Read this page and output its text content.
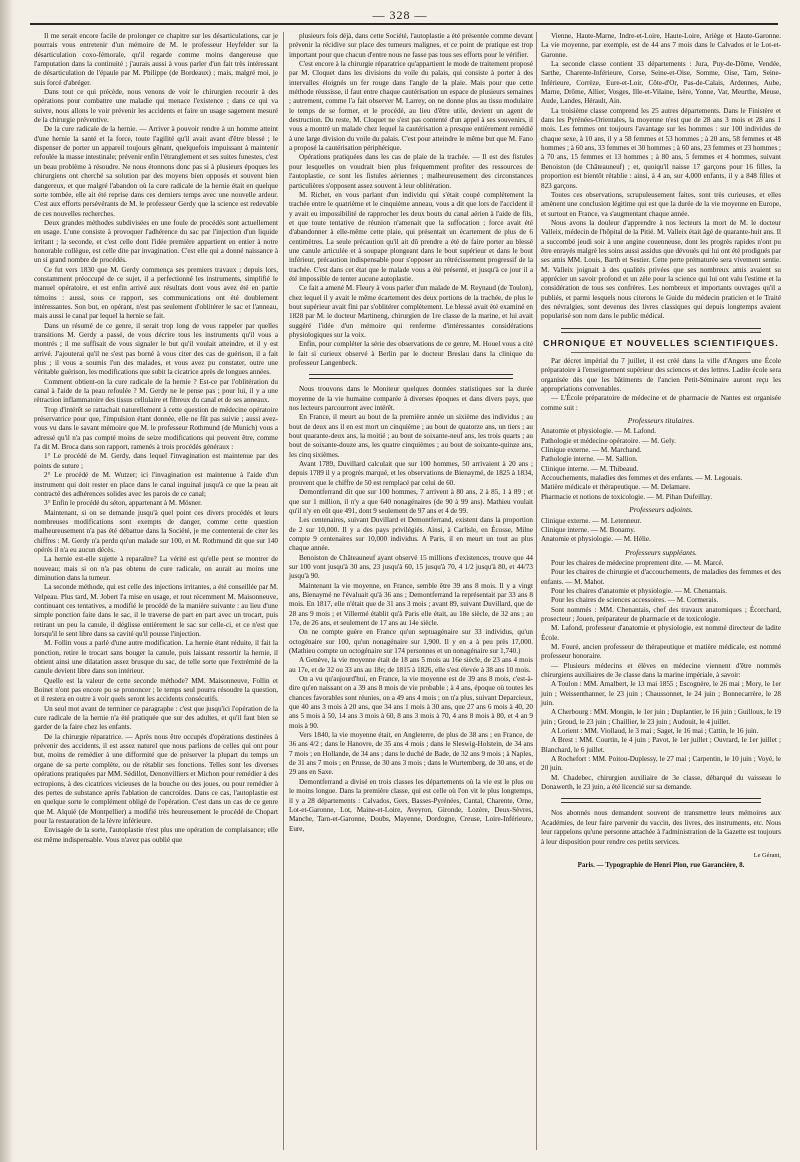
— 328 —

Il me serait encore facile de prolonger ce chapitre sur les désarticulations, car je pourrais vous entretenir d'un mémoire de M. le professeur Heyfelder sur la désarticulation coxo-fémorale, qu'il regarde comme moins dangereuse que l'amputation dans la continuité ; j'aurais aussi à vous parler d'un fait très intéressant de désarticulation de l'épaule par M. Philippe (de Bordeaux) ; mais, malgré moi, je suis forcé d'abréger.

Dans tout ce qui précède, nous venons de voir le chirurgien recourir à des opérations pour combattre une maladie qui menace l'existence ; dans ce qui va suivre, nous allons le voir prévenir les accidents et faire un usage sagement mesuré de la chirurgie préventive.

De la cure radicale de la hernie. — Arriver à pouvoir rendre à un homme atteint d'une hernie la santé et la force, toute l'agilité qu'il avait avant d'être blessé ; le dispenser de porter un appareil toujours gênant, quelquefois impuissant à maintenir refoulée la masse intestinale; prévenir enfin l'étranglement et ses suites funestes, c'est un beau problème à résoudre. Ne nous étonnons donc pas si à plusieurs époques les chirurgiens ont cherché sa solution par des moyens bien opposés et souvent bien dangereux, et que malgré l'abandon où la cure radicale de la hernie était en quelque sorte tombée, elle ait été reprise dans ces derniers temps avec une nouvelle ardeur. C'est aux efforts persévérants de M. le professeur Gerdy que la science est redevable de ces nouvelles recherches.

Deux grandes méthodes subdivisées en une foule de procédés sont actuellement en usage. L'une consiste à provoquer l'adhérence du sac par l'injection d'un liquide irritant ; la seconde, et c'est celle dont l'idée première appartient en entier à notre honorable collègue, est celle dite par invagination. C'est elle qui a donné naissance à un si grand nombre de procédés.

Ce fut vers 1830 que M. Gerdy commença ses premiers travaux ; depuis lors, constamment préoccupé de ce sujet, il a perfectionné les instruments, simplifié le manuel opératoire, et est enfin arrivé aux résultats dont vous avez été en partie témoins : aussi, sous ce rapport, ses communications ont été doublement intéressantes. Son but, en opérant, n'est pas seulement d'oblitérer le sac et l'anneau, mais aussi le canal par lequel la hernie se fait.

Dans un résumé de ce genre, il serait trop long de vous rappeler par quelles transitions M. Gerdy a passé, de vous décrire tous les instruments qu'il vous a montrés ; il me suffisait de vous signaler le but qu'il voulait atteindre, et il y est arrivé. J'ajouterai qu'il ne s'est pas borné à vous citer des cas de guérison, il a fait plus ; il vous a soumis l'un des malades, et vous avez pu constater, outre une véritable guérison, les modifications que subit la cicatrice après de longues années.

Comment obtient-on la cure radicale de la hernie ? Est-ce par l'oblitération du canal à l'aide de la peau refoulée ? M. Gerdy ne le pense pas ; pour lui, il y a une rétraction inflammatoire des tissus cellulaire et fibreux du canal et de ses anneaux.

Trop d'intérêt se rattachait naturellement à cette question de médecine opératoire préservatrice pour que, l'impulsion étant donnée, elle ne fût pas suivie ; aussi avez-vous vu dans le savant mémoire que M. le professeur Rothmund (de Munich) vous a adressé qu'il n'a pas compté moins de seize modifications qui peuvent être, comme l'a dit M. Broca dans son rapport, ramenés à trois procédés généraux :

1° Le procédé de M. Gerdy, dans lequel l'invagination est maintenue par des points de suture ;

2° Le procédé de M. Wutzer; ici l'invagination est maintenue à l'aide d'un instrument qui doit rester en place dans le canal inguinal jusqu'à ce que la peau ait contracté des adhérences solides avec les parois de ce canal;

3° Enfin le procédé du séton, appartenant à M. Mösner.

Maintenant, si on se demande jusqu'à quel point ces divers procédés et leurs nombreuses modifications sont exempts de danger, comme cette question malheureusement n'a pas été débattue dans la Société, je me contenterai de citer les chiffres : M. Gerdy n'a perdu qu'un malade sur 100, et M. Rothmund dit que sur 140 opérés il n'a eu aucun décès.

La hernie est-elle sujette à reparaître? La vérité est qu'elle peut se montrer de nouveau; mais si on n'a pas obtenu de cure radicale, on aurait au moins une diminution dans la tumeur.

La seconde méthode, qui est celle des injections irritantes, a été conseillée par M. Velpeau. Plus tard, M. Jobert l'a mise en usage, et tout récemment M. Maisonneuve, continuant ces tentatives, a modifié le procédé de la manière suivante : au lieu d'une simple ponction faite dans le sac, il le traverse de part en part avec un trocart, puis retirant un peu la canule, il déglisse entièrement le sac sur celle-ci, et ce n'est que lorsqu'il le sent libre dans sa cavité qu'il pousse l'injection.

M. Follin vous a parlé d'une autre modification. La hernie étant réduite, il fait la ponction, retire le trocart sans bouger la canule, puis laissant ressortir la hernie, il obtient ainsi une dilatation assez brusque du sac, de telle sorte que l'extrémité de la canule devient libre dans son intérieur.

Quelle est la valeur de cette seconde méthode? MM. Maisonneuve, Follin et Boinet n'ont pas encore pu se prononcer ; le temps seul pourra résoudre la question, et il restera en outre à voir quels seront les accidents consécutifs.

Un seul mot avant de terminer ce paragraphe : c'est que jusqu'ici l'opération de la cure radicale de la hernie n'a été pratiquée que sur des adultes, et qu'il faut bien se garder de la faire chez les enfants.

De la chirurgie réparatrice. — Après nous être occupés d'opérations destinées à prévenir des accidents, il est assez naturel que nous parlions de celles qui ont pour but, moins de remédier à une difformité que de préserver la plupart du temps un organe de sa perte complète, ou de rétablir ses fonctions. Telles sont les diverses opérations pratiquées par MM. Sédillot, Denonvilliers et Michon pour remédier à des ectropions, à des cicatrices vicieuses de la bouche ou des joues, ou pour remédier à des pertes de substance après l'ablation de cancroïdes. Dans ce cas, l'autoplastie est en quelque sorte le complément obligé de l'opération. C'est dans un cas de ce genre que M. Alquié (de Montpellier) a modifié très heureusement le procédé de Chopart pour la restauration de la lèvre inférieure.

Envisagée de la sorte, l'autoplastie n'est plus une opération de complaisance; elle est même indispensable. Vous n'avez pas oublié que

plusieurs fois déjà, dans cette Société, l'autoplastie a été présentée comme devant prévenir la récidive sur place des tumeurs malignes, et ce point de pratique est trop important pour que chacun d'entre nous ne fasse pas tous ses efforts pour le vérifier.

C'est encore à la chirurgie réparatrice qu'appartient le mode de traitement proposé par M. Cloquet dans les divisions du voile du palais, qui consiste à porter à des intervalles éloignés un fer rouge dans l'angle de la plaie. Mais pour que cette méthode réussisse, il faut entre chaque cautérisation un espace de plusieurs semaines ; autrement, comme l'a fait observer M. Larrey, on ne donne plus au tissu modulaire le temps de se former, et le procédé, au lieu d'être utile, devient un agent de destruction. Du reste, M. Cloquet ne s'est pas contenté d'un appel à ses souvenirs, il vous a montré un malade chez lequel la cautérisation a presque entièrement remédié à une large division du voile du palais. C'est pour atteindre le même but que M. Fano a proposé la cautérisation périphérique.

Opérations pratiquées dans les cas de plaie de la trachée. — Il est des fistules pour lesquelles on voudrait bien plus fréquemment profiter des ressources de l'autoplastie, ce sont les fistules aériennes ; malheureusement des circonstances particulières s'opposent assez souvent à leur oblitération.

M. Richet, en vous parlant d'un individu qui s'était coupé complètement la trachée entre le quatrième et le cinquième anneau, vous a dit que lors de l'accident il y avait eu impossibilité de rapprocher les deux bouts du canal aérien à l'aide de fils, et que toute tentative de réunion n'amenait que la suffocation ; force avait été d'abandonner à elle-même cette plaie, qui présentait un écartement de plus de 6 centimètres. La seule précaution qu'il ait dû prendre a été de faire porter au blessé une canule articulée et à soupape plongeant dans le bout supérieur et dans le bout inférieur, précaution indispensable pour s'opposer au rétrécissement progressif de la trachée. C'est dans cet état que le malade vous a été présenté, et jusqu'à ce jour il a été impossible de tenter aucune autoplastie.

Ce fait a amené M. Fleury à vous parler d'un malade de M. Reynaud (de Toulon), chez lequel il y avait le même écartement des deux portions de la trachée, de plus le bout supérieur avait fini par s'oblitérer complètement. Le blessé avait été examiné en 1828 par M. le docteur Martineng, chirurgien de 1re classe de la marine, et lui avait suggéré l'idée d'un mémoire qui renferme d'intéressantes considérations physiologiques sur la voix.

Enfin, pour compléter la série des observations de ce genre, M. Houel vous a cité le fait si curieux observé à Berlin par le docteur Breslau dans la clinique du professeur Langenbeck.

Nous trouvons dans le Moniteur quelques données statistiques sur la durée moyenne de la vie humaine comparée à diverses époques et dans divers pays, que nos lecteurs parcourront avec intérêt.

En France, il meurt au bout de la première année un sixième des individus ; au bout de deux ans il en est mort un cinquième ; au bout de quatorze ans, un tiers ; au bout quarante-deux ans, la moitié ; au bout de soixante-neuf ans, les trois quarts ; au bout de soixante-douze ans, les quatre cinquièmes ; au bout de soixante-quinze ans, les cinq sixièmes.

Avant 1789, Duvillard calculait que sur 100 hommes, 50 arrivaient à 20 ans ; depuis 1789 il y a progrès marqué, et les observations de Bienaymé, de 1825 à 1834, prouvent que le chiffre de 50 est remplacé par celui de 60.

Demontferrand dit que sur 100 hommes, 7 arrivent à 80 ans, 2 à 85, 1 à 89 ; et que sur 1 million, il n'y a que 640 nonagénaires (de 90 à 99 ans). Mathieu voulait qu'il n'y en eût que 491, dont 9 seulement de 97 ans et 4 de 99.

Les centenaires, suivant Duvillard et Demontferrand, existent dans la proportion de 2 sur 10,000. Il y a des pays privilégiés. Ainsi, à Carlisle, en Écosse, Milne compte 9 centenaires sur 10,000 individus. A Paris, il en meurt un tout au plus chaque année.

Benoiston de Châteauneuf ayant observé 15 millions d'existences, trouve que 44 sur 100 vont jusqu'à 30 ans, 23 jusqu'à 60, 15 jusqu'à 70, 4 1/2 jusqu'à 80, et 44/73 jusqu'à 90.

Maintenant la vie moyenne, en France, semble être 39 ans 8 mois. Il y a vingt ans, Bienaymé ne l'évaluait qu'à 36 ans ; Demontferrand la représentait par 33 ans 8 mois. En 1817, elle n'était que de 31 ans 3 mois ; avant 89, suivant Duvillard, que de 28 ans 9 mois ; et Villermé établit qu'à Paris elle était, au 18e siècle, de 32 ans ; au 17e, de 26 ans, et seulement de 17 ans au 14e siècle.

On ne compte guère en France qu'un septuagénaire sur 33 individus, qu'un octogénaire sur 100, qu'un nonagénaire sur 1,900. Il y en a à peu près 17,000. (Mathieu compte un octogénaire sur 174 personnes et un nonagénaire sur 1,740.)

A Genève, la vie moyenne était de 18 ans 5 mois au 16e siècle, de 23 ans 4 mois au 17e, et de 32 ou 33 ans au 18e; de 1815 à 1826, elle s'est élevée à 38 ans 10 mois.

On a vu qu'aujourd'hui, en France, la vie moyenne est de 39 ans 8 mois, c'est-à-dire qu'en naissant on a 39 ans 8 mois de vie probable ; à 4 ans, époque où toutes les chances favorables sont réunies, on a 49 ans 4 mois ; on n'a plus, suivant Deparcieux, que 40 ans 3 mois à 20 ans, que 34 ans 1 mois à 30 ans, que 27 ans 6 mois à 40, 20 ans 5 mois à 50, 14 ans 3 mois à 60, 8 ans 3 mois à 70, 4 ans 8 mois à 80, et 4 an 9 mois à 90.

Vers 1840, la vie moyenne était, en Angleterre, de plus de 38 ans ; en France, de 36 ans 4/2 ; dans le Hanovre, de 35 ans 4 mois ; dans le Sleswig-Holstein, de 34 ans 7 mois ; en Hollande, de 34 ans ; dans le duché de Bade, de 32 ans 9 mois ; à Naples, de 31 ans 7 mois ; en Prusse, de 30 ans 3 mois ; dans le Wurtemberg, de 30 ans, et de 29 ans en Saxe.

Demontferrand a divisé en trois classes les départements où la vie est le plus ou le moins longue. Dans la première classe, qui est celle où l'on vit le plus longtemps, il y a 28 départements : Calvados, Gers, Basses-Pyrénées, Cantal, Charente, Orne, Lot-et-Garonne, Lot, Maine-et-Loire, Aveyron, Gironde, Lozère, Deux-Sèvres, Manche, Tarn-et-Garonne, Doubs, Mayenne, Dordogne, Creuse, Loire-Inférieure, Eure,

Vienne, Haute-Marne, Indre-et-Loire, Haute-Loire, Ariège et Haute-Garonne. La vie moyenne, par exemple, est de 44 ans 7 mois dans le Calvados et le Lot-et-Garonne.

La seconde classe contient 33 départements : Jura, Puy-de-Dôme, Vendée, Sarthe, Charente-Inférieure, Corse, Seine-et-Oise, Somme, Oise, Tarn, Seine-Inférieure, Corrèze, Eure-et-Loir, Côte-d'Or, Pas-de-Calais, Ardennes, Aube, Marne, Drôme, Allier, Vosges, Ille-et-Vilaine, Isère, Yonne, Var, Meurthe, Meuse, Aude, Landes, Hérault, Ain.

La troisième classe comprend les 25 autres départements. Dans le Finistère et dans les Pyrénées-Orientales, la moyenne n'est que de 28 ans 3 mois et 28 ans 1 mois. Les femmes ont toujours l'avantage sur les hommes : sur 100 individus de chaque sexe, à 10 ans, il y a 58 femmes et 53 hommes ; à 20 ans, 58 femmes et 48 hommes ; à 60 ans, 33 femmes et 30 hommes ; à 60 ans, 23 femmes et 23 hommes ; à 70 ans, 15 femmes et 13 hommes ; à 80 ans, 5 femmes et 4 hommes, suivant Benoiston (de Châteauneuf) ; et, quoiqu'il naisse 17 garçons pour 16 filles, la proportion est bientôt rétablie : ainsi, à 4 an, sur 4,000 enfants, il y a 848 filles et 823 garçons.

Toutes ces observations, scrupuleusement faites, sont très curieuses, et elles amènent une conclusion légitime qui est que la durée de la vie moyenne en Europe, et surtout en France, va s'augmentant chaque année.

Nous avons la douleur d'apprendre à nos lecteurs la mort de M. le docteur Valleix, médecin de l'hôpital de la Pitié. M. Valleix était âgé de quarante-huit ans. Il a succombé jeudi soir à une angine couenneuse, dont les progrès rapides n'ont pu être enrayés malgré les soins aussi assidus que dévoués qui lui ont été prodigués par ses amis MM. Louis, Barth et Sestier. Cette perte prématurée sera vivement sentie. M. Valleix joignait à des qualités privées que ses nombreux amis avaient su apprécier un savoir profond et un zèle pour la science qui lui ont valu l'estime et la considération de tous ses confrères. Les nombreux et importants ouvrages qu'il a publiés, et parmi lesquels nous citerons le Guide du médecin praticien et le Traité des névralgies, sont devenus des livres classiques qui depuis longtemps avaient popularisé son nom dans le public médical.

CHRONIQUE ET NOUVELLES SCIENTIFIQUES.

Par décret impérial du 7 juillet, il est créé dans la ville d'Angers une École préparatoire à l'enseignement supérieur des sciences et des lettres. Ladite école sera organisée dès que les bâtiments de l'ancien Petit-Séminaire auront reçu les appropriations convenables.

— L'École préparatoire de médecine et de pharmacie de Nantes est organisée comme suit :

Professeurs titulaires.

Anatomie et physiologie. — M. Lafond.

Pathologie et médecine opératoire. — M. Gely.

Clinique externe. — M. Marchand.

Pathologie interne. — M. Sallion.

Clinique interne. — M. Thibeaud.

Accouchements, maladies des femmes et des enfants. — M. Legouais.

Matière médicale et thérapeutique. — M. Delamare.

Pharmacie et notions de toxicologie. — M. Pihan Dufeillay.

Professeurs adjoints.

Clinique externe. — M. Letenneur.

Clinique interne. — M. Bonamy.

Anatomie et physiologie. — M. Hélie.

Professeurs suppléants.

Pour les chaires de médecine proprement dite. — M. Marcé.

Pour les chaires de chirurgie et d'accouchements, de maladies des femmes et des enfants. — M. Mahot.

Pour les chaires d'anatomie et physiologie. — M. Chenantais.

Pour les chaires de sciences accessoires. — M. Cormerais.

Sont nommés : MM. Chenantais, chef des travaux anatomiques ; Écorchard, prosecteur ; Jouen, préparateur de pharmacie et de toxicologie.

M. Lafond, professeur d'anatomie et physiologie, est nommé directeur de ladite École.

M. Fouré, ancien professeur de thérapeutique et matière médicale, est nommé professeur honoraire.

— Plusieurs médecins et élèves en médecine viennent d'être nommés chirurgiens auxiliaires de 3e classe dans la marine impériale, à savoir:

A Toulon : MM. Amalbert, le 13 mai 1855 ; Escognère, le 26 mai ; Mory, le 1er juin ; Weissenthanner, le 23 juin ; Chaussonnet, le 24 juin ; Bonnecarrère, le 28 juin.

A Cherbourg : MM. Mongin, le 1er juin ; Duplantier, le 16 juin ; Guilloux, le 19 juin ; Groud, le 23 juin ; Chaillier, le 23 juin ; Audouit, le 4 juillet.

A Lorient : MM. Viollaud, le 3 mai ; Saget, le 16 mai ; Cattin, le 16 juin.

A Brest : MM. Courtin, le 4 juin ; Pavot, le 1er juillet ; Ouvrard, le 1er juillet ; Blanchard, le 6 juillet.

A Rochefort : MM. Poitou-Duplessy, le 27 mai ; Carpentin, le 10 juin ; Voyé, le 20 juin.

M. Chadebec, chirurgien auxiliaire de 3e classe, débarqué du vaisseau le Donawerth, le 23 juin, a été licencié sur sa demande.

Nos abonnés nous demandent souvent de transmettre leurs mémoires aux Académies, de leur faire parvenir du vaccin, des livres, des instruments, etc. Nous leur rappelons qu'une personne attachée à l'administration de la Gazette est toujours à leur disposition pour rendre ces petits services.

Le Gérant,
Paris. — Typographie de Henri Plon, rue Garancière, 8.
